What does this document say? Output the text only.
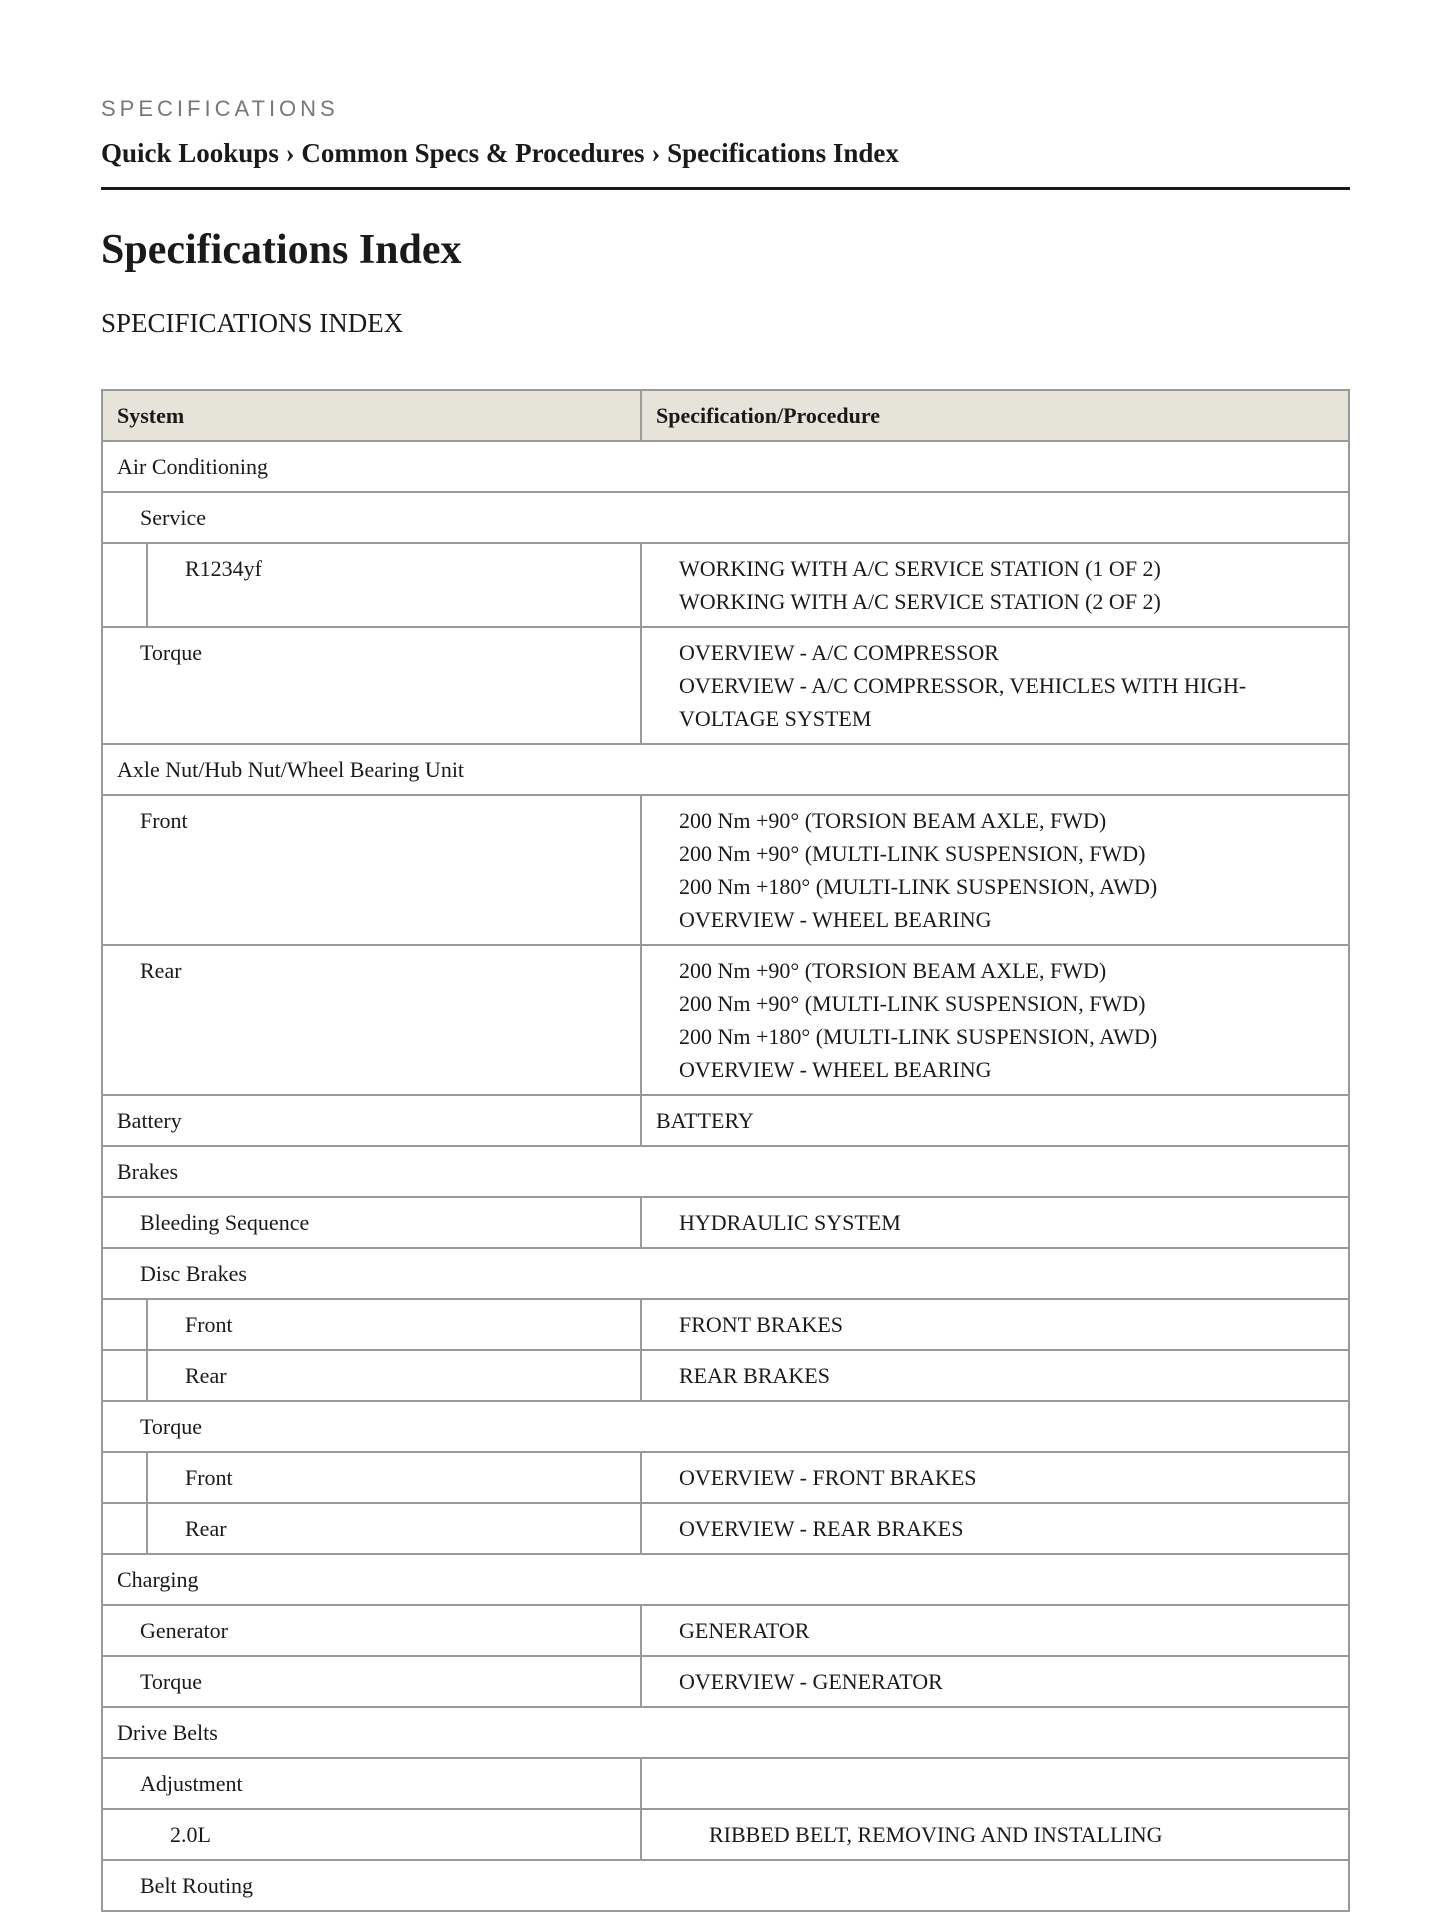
SPECIFICATIONS
Quick Lookups › Common Specs & Procedures › Specifications Index
Specifications Index
SPECIFICATIONS INDEX
System	Specification/Procedure
Air Conditioning	
Service	
R1234yf	WORKING WITH A/C SERVICE STATION (1 OF 2)
WORKING WITH A/C SERVICE STATION (2 OF 2)

Torque	OVERVIEW - A/C COMPRESSOR
OVERVIEW - A/C COMPRESSOR, VEHICLES WITH HIGH-VOLTAGE SYSTEM

Axle Nut/Hub Nut/Wheel Bearing Unit	
Front	200 Nm +90° (TORSION BEAM AXLE, FWD)
200 Nm +90° (MULTI-LINK SUSPENSION, FWD)
200 Nm +180° (MULTI-LINK SUSPENSION, AWD)
OVERVIEW - WHEEL BEARING

Rear	200 Nm +90° (TORSION BEAM AXLE, FWD)
200 Nm +90° (MULTI-LINK SUSPENSION, FWD)
200 Nm +180° (MULTI-LINK SUSPENSION, AWD)
OVERVIEW - WHEEL BEARING

Battery	BATTERY

Brakes	
Bleeding Sequence	HYDRAULIC SYSTEM

Disc Brakes	
Front	FRONT BRAKES

Rear	REAR BRAKES

Torque	
Front	OVERVIEW - FRONT BRAKES

Rear	OVERVIEW - REAR BRAKES

Charging	
Generator	GENERATOR

Torque	OVERVIEW - GENERATOR

Drive Belts	
Adjustment	
2.0L	RIBBED BELT, REMOVING AND INSTALLING

Belt Routing	
